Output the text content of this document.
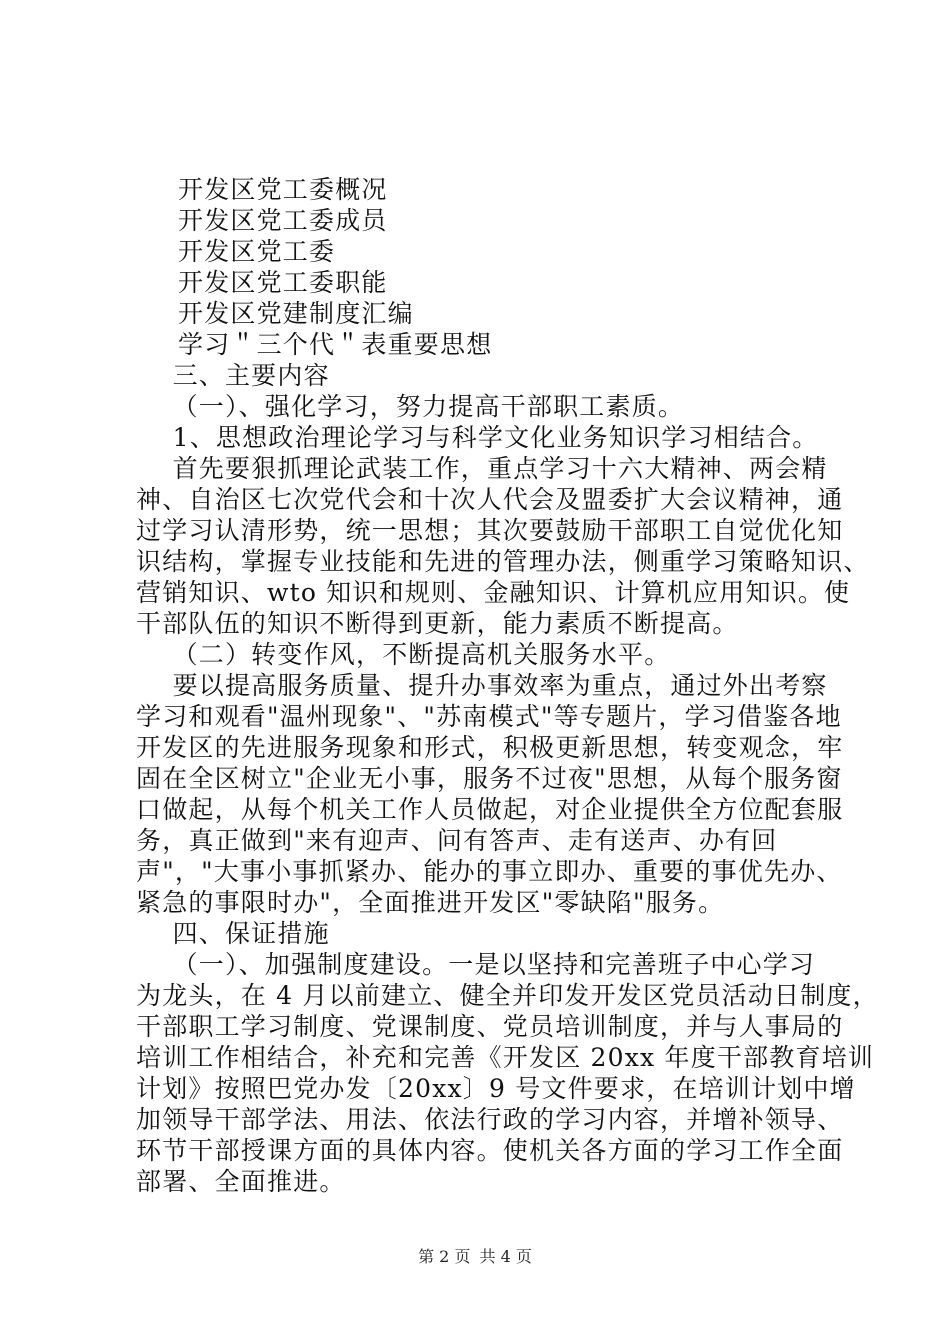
开发区党工委概况
开发区党工委成员
开发区党工委
开发区党工委职能
开发区党建制度汇编
学习＂三个代＂表重要思想
三、主要内容
（一）、强化学习，努力提高干部职工素质。
1、思想政治理论学习与科学文化业务知识学习相结合。
首先要狠抓理论武装工作，重点学习十六大精神、两会精
神、自治区七次党代会和十次人代会及盟委扩大会议精神，通
过学习认清形势，统一思想；其次要鼓励干部职工自觉优化知
识结构，掌握专业技能和先进的管理办法，侧重学习策略知识、
营销知识、wto 知识和规则、金融知识、计算机应用知识。使
干部队伍的知识不断得到更新，能力素质不断提高。
（二）转变作风，不断提高机关服务水平。
要以提高服务质量、提升办事效率为重点，通过外出考察
学习和观看"温州现象"、"苏南模式"等专题片，学习借鉴各地
开发区的先进服务现象和形式，积极更新思想，转变观念，牢
固在全区树立"企业无小事，服务不过夜"思想，从每个服务窗
口做起，从每个机关工作人员做起，对企业提供全方位配套服
务，真正做到"来有迎声、问有答声、走有送声、办有回
声"，"大事小事抓紧办、能办的事立即办、重要的事优先办、
紧急的事限时办"，全面推进开发区"零缺陷"服务。
四、保证措施
（一）、加强制度建设。一是以坚持和完善班子中心学习
为龙头，在 4 月以前建立、健全并印发开发区党员活动日制度，
干部职工学习制度、党课制度、党员培训制度，并与人事局的
培训工作相结合，补充和完善《开发区 20xx 年度干部教育培训
计划》按照巴党办发〔20xx〕9 号文件要求，在培训计划中增
加领导干部学法、用法、依法行政的学习内容，并增补领导、
环节干部授课方面的具体内容。使机关各方面的学习工作全面
部署、全面推进。
第 2 页 共 4 页
